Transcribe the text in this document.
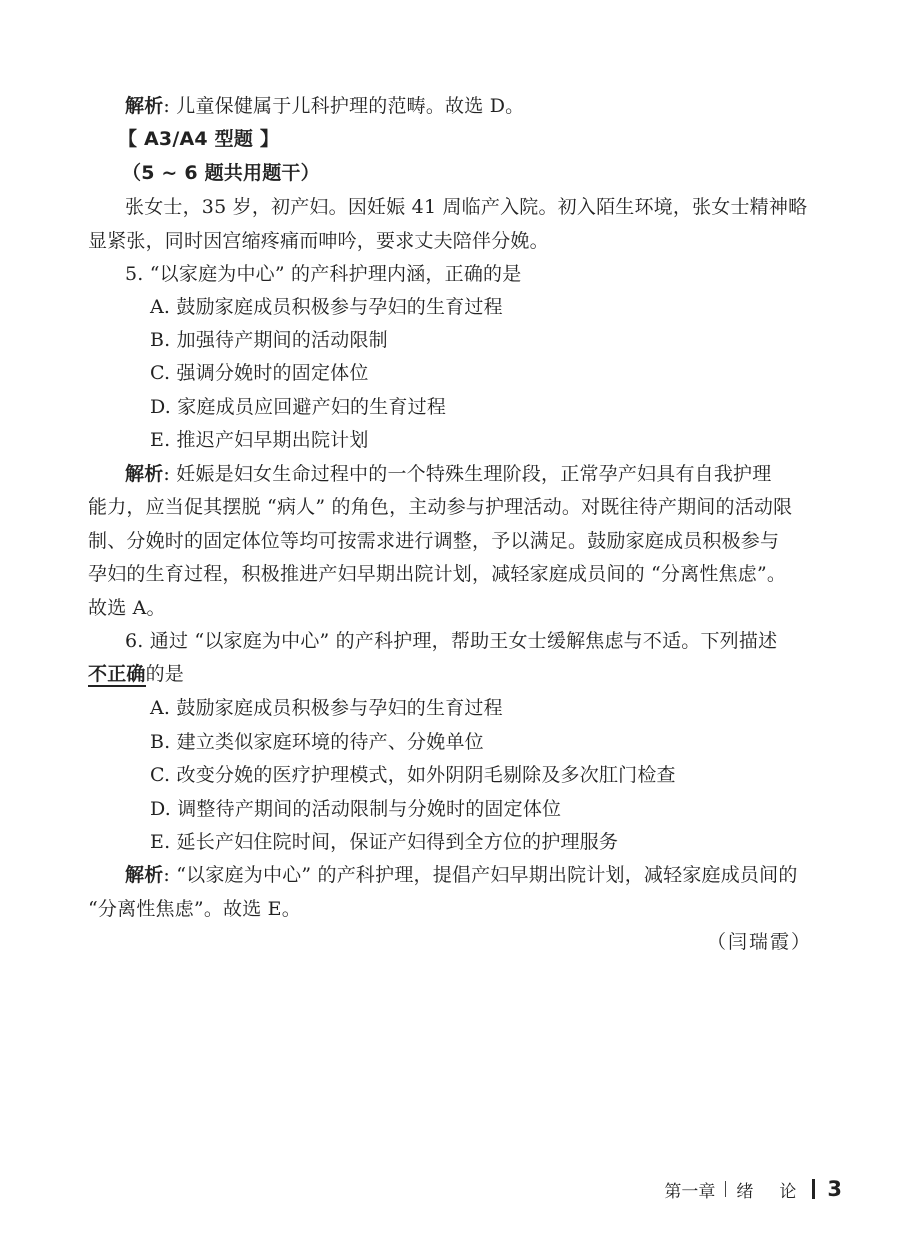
解析: 儿童保健属于儿科护理的范畴。故选 D。
【 A3/A4 型题 】
（5 ~ 6 题共用题干）
张女士，35 岁，初产妇。因妊娠 41 周临产入院。初入陌生环境，张女士精神略
显紧张，同时因宫缩疼痛而呻吟，要求丈夫陪伴分娩。
5. “以家庭为中心” 的产科护理内涵，正确的是
A. 鼓励家庭成员积极参与孕妇的生育过程
B. 加强待产期间的活动限制
C. 强调分娩时的固定体位
D. 家庭成员应回避产妇的生育过程
E. 推迟产妇早期出院计划
解析: 妊娠是妇女生命过程中的一个特殊生理阶段，正常孕产妇具有自我护理
能力，应当促其摆脱 “病人” 的角色，主动参与护理活动。对既往待产期间的活动限
制、分娩时的固定体位等均可按需求进行调整，予以满足。鼓励家庭成员积极参与
孕妇的生育过程，积极推进产妇早期出院计划，减轻家庭成员间的 “分离性焦虑”。
故选 A。
6. 通过 “以家庭为中心” 的产科护理，帮助王女士缓解焦虑与不适。下列描述
不正确的是
A. 鼓励家庭成员积极参与孕妇的生育过程
B. 建立类似家庭环境的待产、分娩单位
C. 改变分娩的医疗护理模式，如外阴阴毛剔除及多次肛门检查
D. 调整待产期间的活动限制与分娩时的固定体位
E. 延长产妇住院时间，保证产妇得到全方位的护理服务
解析: “以家庭为中心” 的产科护理，提倡产妇早期出院计划，减轻家庭成员间的
“分离性焦虑”。故选 E。
（闫瑞霞）
第一章 绪 论 3
